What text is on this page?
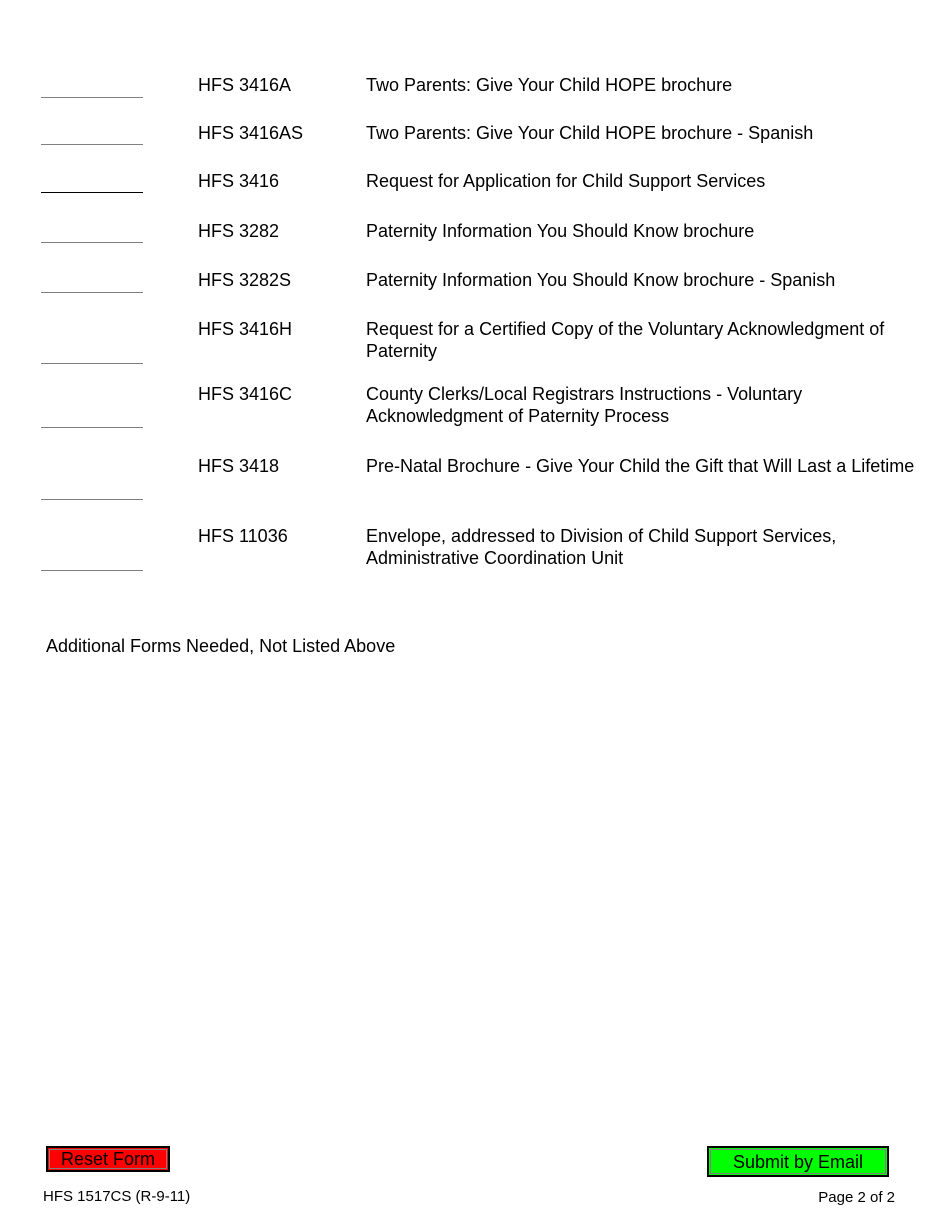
HFS 3416A	Two Parents: Give Your Child HOPE brochure
HFS 3416AS	Two Parents: Give Your Child HOPE brochure - Spanish
HFS 3416	Request for Application for Child Support Services
HFS 3282	Paternity Information You Should Know brochure
HFS 3282S	Paternity Information You Should Know brochure - Spanish
HFS 3416H	Request for a Certified Copy of the Voluntary Acknowledgment of Paternity
HFS 3416C	County Clerks/Local Registrars Instructions - Voluntary Acknowledgment of Paternity Process
HFS 3418	Pre-Natal Brochure - Give Your Child the Gift that Will Last a Lifetime
HFS 11036	Envelope, addressed to Division of Child Support Services, Administrative Coordination Unit
Additional Forms Needed, Not Listed Above
Reset Form	Submit by Email
HFS 1517CS (R-9-11)	Page 2 of 2
